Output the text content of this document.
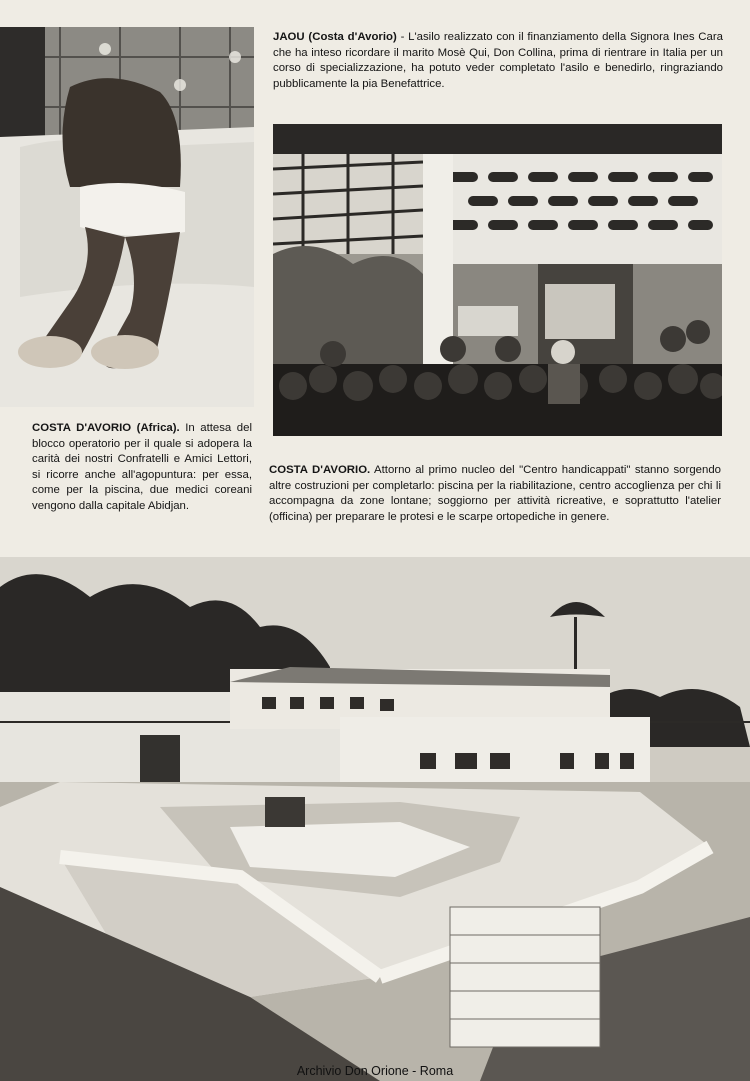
JAOU (Costa d'Avorio) - L'asilo realizzato con il finanziamento della Signora Ines Cara che ha inteso ricordare il marito Mosè Qui, Don Collina, prima di rientrare in Italia per un corso di specializzazione, ha potuto veder completato l'asilo e benedirlo, ringraziando pubblicamente la pia Benefattrice.
COSTA D'AVORIO (Africa). In attesa del blocco operatorio per il quale si adopera la carità dei nostri Confratelli e Amici Lettori, si ricorre anche all'agopuntura: per essa, come per la piscina, due medici coreani vengono dalla capitale Abidjan.
COSTA D'AVORIO. Attorno al primo nucleo del "Centro handicappati" stanno sorgendo altre costruzioni per completarlo: piscina per la riabilitazione, centro accoglienza per chi li accompagna da zone lontane; soggiorno per attività ricreative, e soprattutto l'atelier (officina) per preparare le protesi e le scarpe ortopediche in genere.
Archivio Don Orione - Roma
